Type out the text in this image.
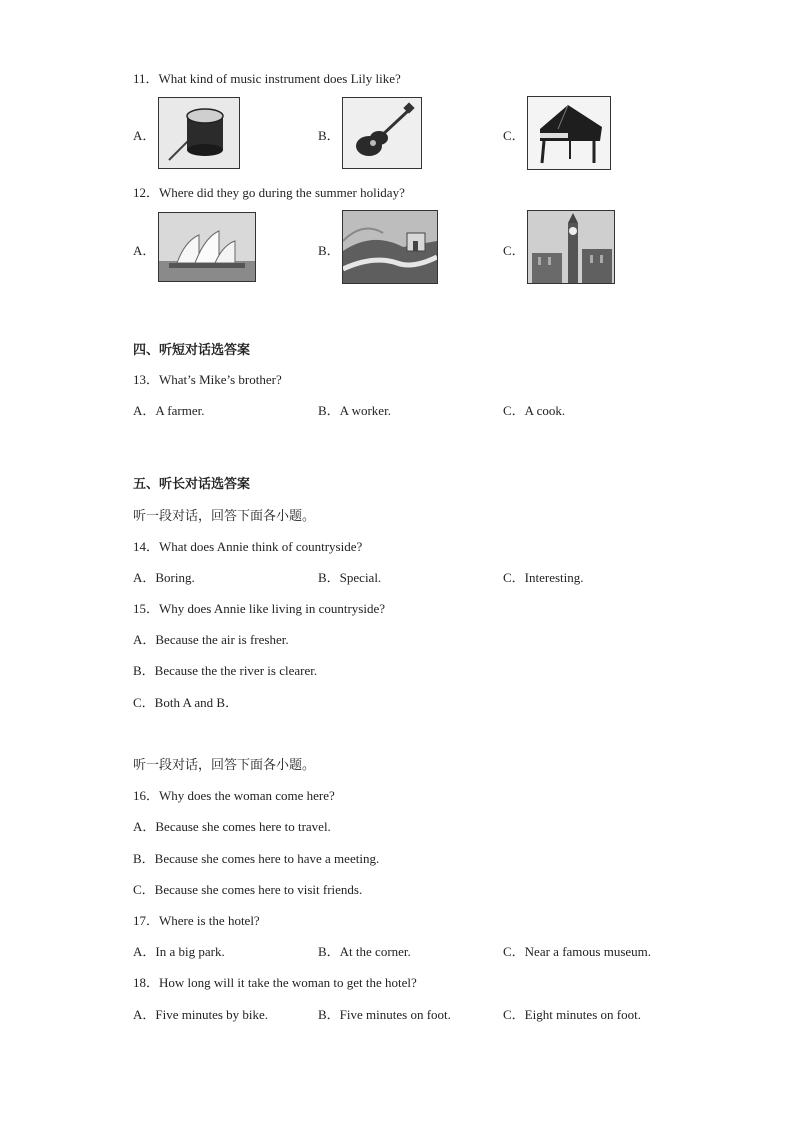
11．What kind of music instrument does Lily like?
A．	B．	C．
12．Where did they go during the summer holiday?
A．	B．	C．
四、听短对话选答案
13．What’s Mike’s brother?
A．A farmer.	B．A worker.	C．A cook.
五、听长对话选答案
听一段对话，回答下面各小题。
14．What does Annie think of countryside?
A．Boring.	B．Special.	C．Interesting.
15．Why does Annie like living in countryside?
A．Because the air is fresher.
B．Because the the river is clearer.
C．Both A and B．
听一段对话，回答下面各小题。
16．Why does the woman come here?
A．Because she comes here to travel.
B．Because she comes here to have a meeting.
C．Because she comes here to visit friends.
17．Where is the hotel?
A．In a big park.	B．At the corner.	C．Near a famous museum.
18．How long will it take the woman to get the hotel?
A．Five minutes by bike.	B．Five minutes on foot.	C．Eight minutes on foot.
